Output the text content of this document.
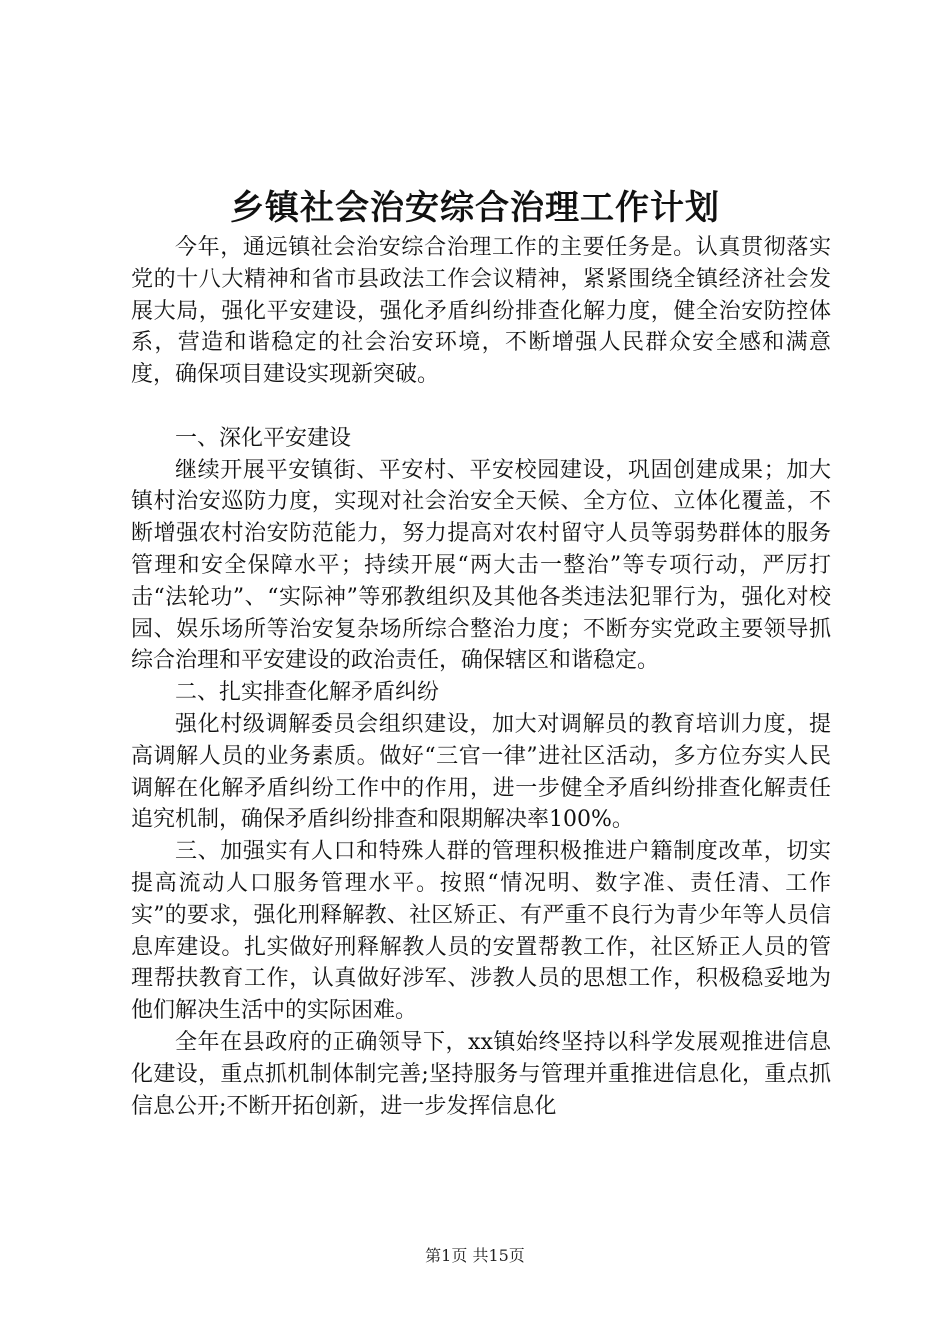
乡镇社会治安综合治理工作计划

今年，通远镇社会治安综合治理工作的主要任务是。认真贯彻落实党的十八大精神和省市县政法工作会议精神，紧紧围绕全镇经济社会发展大局，强化平安建设，强化矛盾纠纷排查化解力度，健全治安防控体系，营造和谐稳定的社会治安环境，不断增强人民群众安全感和满意度，确保项目建设实现新突破。

一、深化平安建设

继续开展平安镇街、平安村、平安校园建设，巩固创建成果；加大镇村治安巡防力度，实现对社会治安全天候、全方位、立体化覆盖，不断增强农村治安防范能力，努力提高对农村留守人员等弱势群体的服务管理和安全保障水平；持续开展“两大击一整治”等专项行动，严厉打击“法轮功”、“实际神”等邪教组织及其他各类违法犯罪行为，强化对校园、娱乐场所等治安复杂场所综合整治力度；不断夯实党政主要领导抓综合治理和平安建设的政治责任，确保辖区和谐稳定。

二、扎实排查化解矛盾纠纷

强化村级调解委员会组织建设，加大对调解员的教育培训力度，提高调解人员的业务素质。做好“三官一律”进社区活动，多方位夯实人民调解在化解矛盾纠纷工作中的作用，进一步健全矛盾纠纷排查化解责任追究机制，确保矛盾纠纷排查和限期解决率100%。

三、加强实有人口和特殊人群的管理积极推进户籍制度改革，切实提高流动人口服务管理水平。按照“情况明、数字准、责任清、工作实”的要求，强化刑释解教、社区矫正、有严重不良行为青少年等人员信息库建设。扎实做好刑释解教人员的安置帮教工作，社区矫正人员的管理帮扶教育工作，认真做好涉军、涉教人员的思想工作，积极稳妥地为他们解决生活中的实际困难。

全年在县政府的正确领导下，xx镇始终坚持以科学发展观推进信息化建设，重点抓机制体制完善;坚持服务与管理并重推进信息化，重点抓信息公开;不断开拓创新，进一步发挥信息化

第1页 共15页
